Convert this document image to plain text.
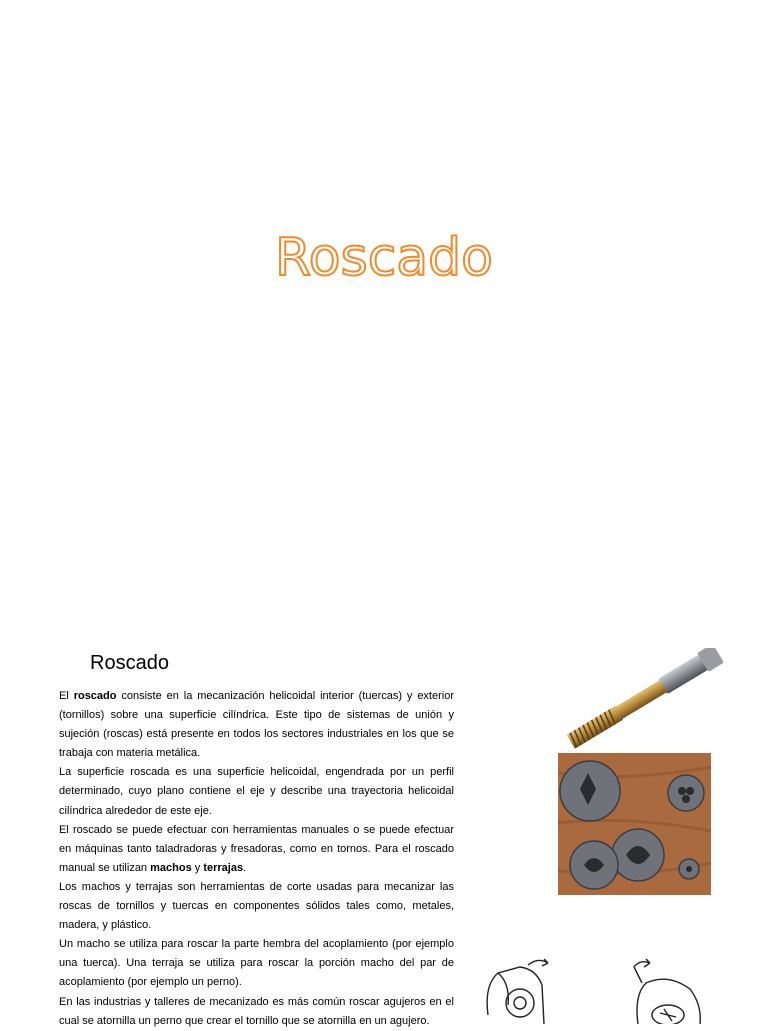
Roscado
Roscado

El roscado consiste en la mecanización helicoidal interior (tuercas) y exterior (tornillos) sobre una superficie cilíndrica. Este tipo de sistemas de unión y sujeción (roscas) está presente en todos los sectores industriales en los que se trabaja con materia metálica.

La superficie roscada es una superficie helicoidal, engendrada por un perfil determinado, cuyo plano contiene el eje y describe una trayectoria helicoidal cilíndrica alrededor de este eje.

El roscado se puede efectuar con herramientas manuales o se puede efectuar en máquinas tanto taladradoras y fresadoras, como en tornos. Para el roscado manual se utilizan machos y terrajas.

Los machos y terrajas son herramientas de corte usadas para mecanizar las roscas de tornillos y tuercas en componentes sólidos tales como, metales, madera, y plástico.

Un macho se utiliza para roscar la parte hembra del acoplamiento (por ejemplo una tuerca). Una terraja se utiliza para roscar la porción macho del par de acoplamiento (por ejemplo un perno).

En las industrias y talleres de mecanizado es más común roscar agujeros en el cual se atornilla un perno que crear el tornillo que se atornilla en un agujero.
